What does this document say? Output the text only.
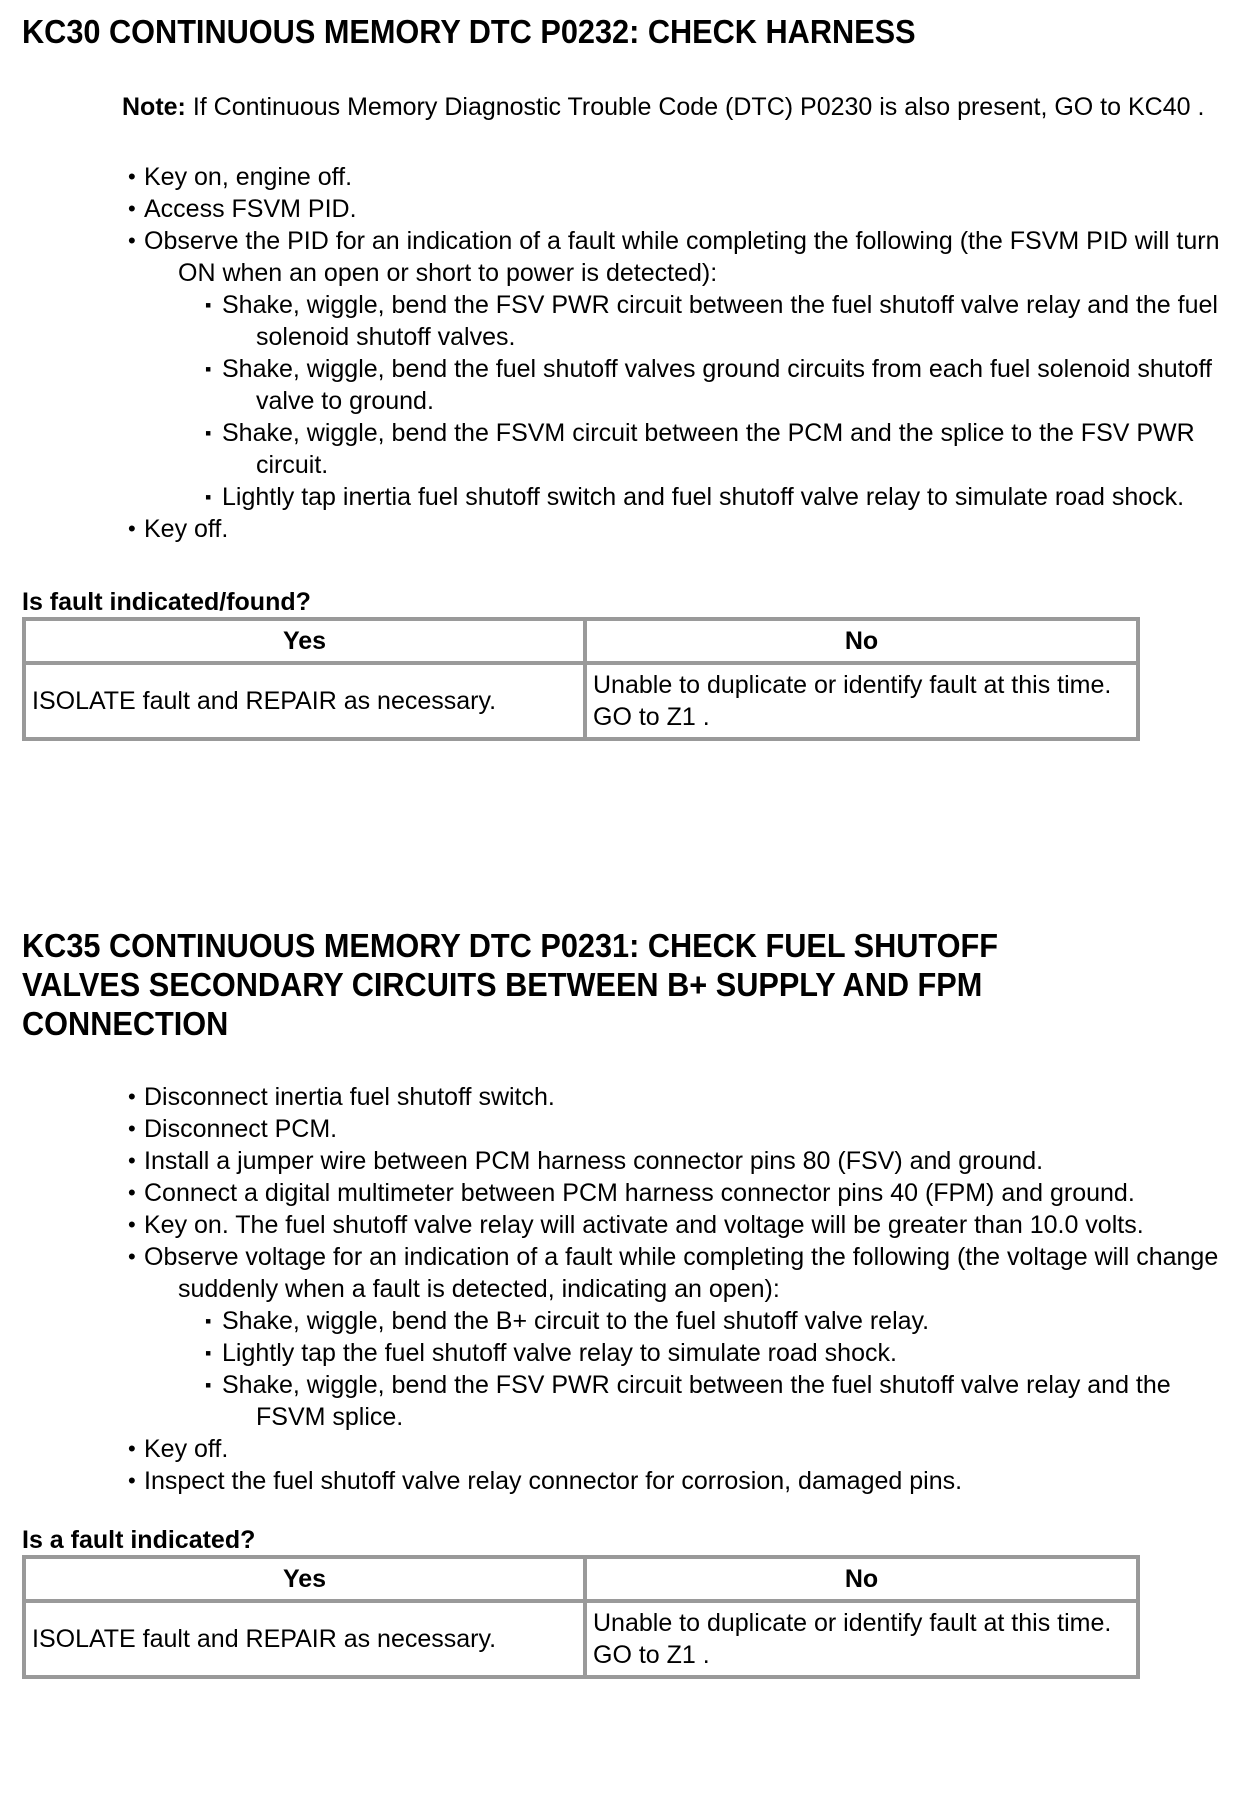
KC30 CONTINUOUS MEMORY DTC P0232: CHECK HARNESS
Note: If Continuous Memory Diagnostic Trouble Code (DTC) P0230 is also present, GO to KC40 .
• Key on, engine off.
• Access FSVM PID.
• Observe the PID for an indication of a fault while completing the following (the FSVM PID will turn ON when an open or short to power is detected):
▪ Shake, wiggle, bend the FSV PWR circuit between the fuel shutoff valve relay and the fuel solenoid shutoff valves.
▪ Shake, wiggle, bend the fuel shutoff valves ground circuits from each fuel solenoid shutoff valve to ground.
▪ Shake, wiggle, bend the FSVM circuit between the PCM and the splice to the FSV PWR circuit.
▪ Lightly tap inertia fuel shutoff switch and fuel shutoff valve relay to simulate road shock.
• Key off.

Is fault indicated/found?

Yes	No
ISOLATE fault and REPAIR as necessary.	Unable to duplicate or identify fault at this time. GO to Z1 .
KC35 CONTINUOUS MEMORY DTC P0231: CHECK FUEL SHUTOFF
VALVES SECONDARY CIRCUITS BETWEEN B+ SUPPLY AND FPM
CONNECTION
• Disconnect inertia fuel shutoff switch.
• Disconnect PCM.
• Install a jumper wire between PCM harness connector pins 80 (FSV) and ground.
• Connect a digital multimeter between PCM harness connector pins 40 (FPM) and ground.
• Key on. The fuel shutoff valve relay will activate and voltage will be greater than 10.0 volts.
• Observe voltage for an indication of a fault while completing the following (the voltage will change suddenly when a fault is detected, indicating an open):
▪ Shake, wiggle, bend the B+ circuit to the fuel shutoff valve relay.
▪ Lightly tap the fuel shutoff valve relay to simulate road shock.
▪ Shake, wiggle, bend the FSV PWR circuit between the fuel shutoff valve relay and the FSVM splice.
• Key off.
• Inspect the fuel shutoff valve relay connector for corrosion, damaged pins.

Is a fault indicated?

Yes	No
ISOLATE fault and REPAIR as necessary.	Unable to duplicate or identify fault at this time. GO to Z1 .
